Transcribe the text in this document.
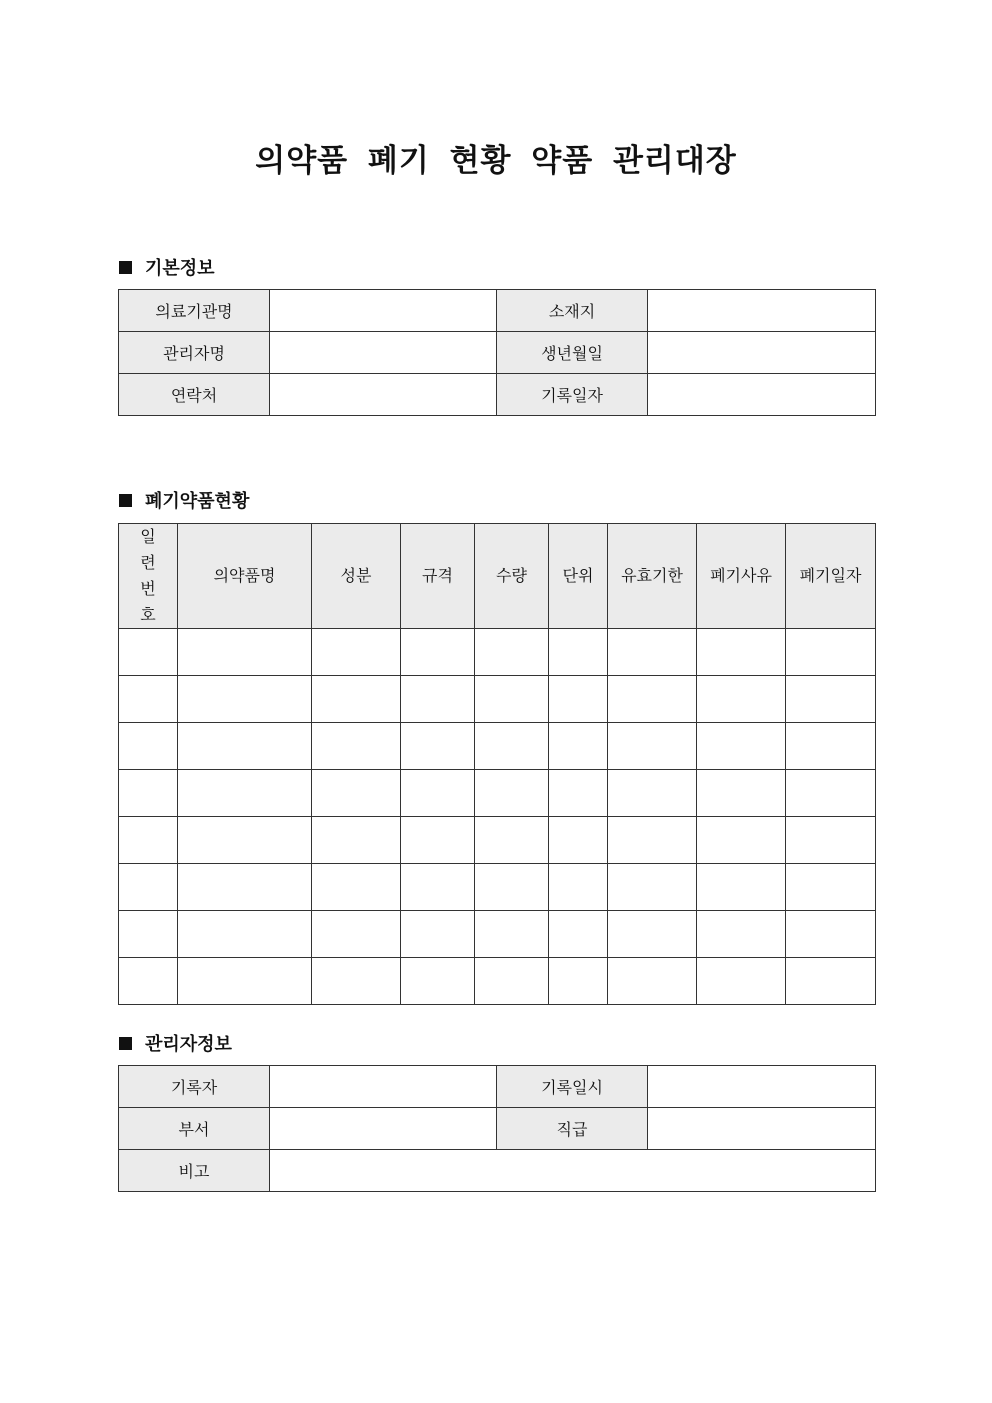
의약품 폐기 현황 약품 관리대장
기본정보
의료기관명		소재지	
관리자명		생년월일	
연락처		기록일자	
폐기약품현황
일련번호	의약품명	성분	규격	수량	단위	유효기한	폐기사유	폐기일자

관리자정보
기록자		기록일시	
부서		직급	
비고			
